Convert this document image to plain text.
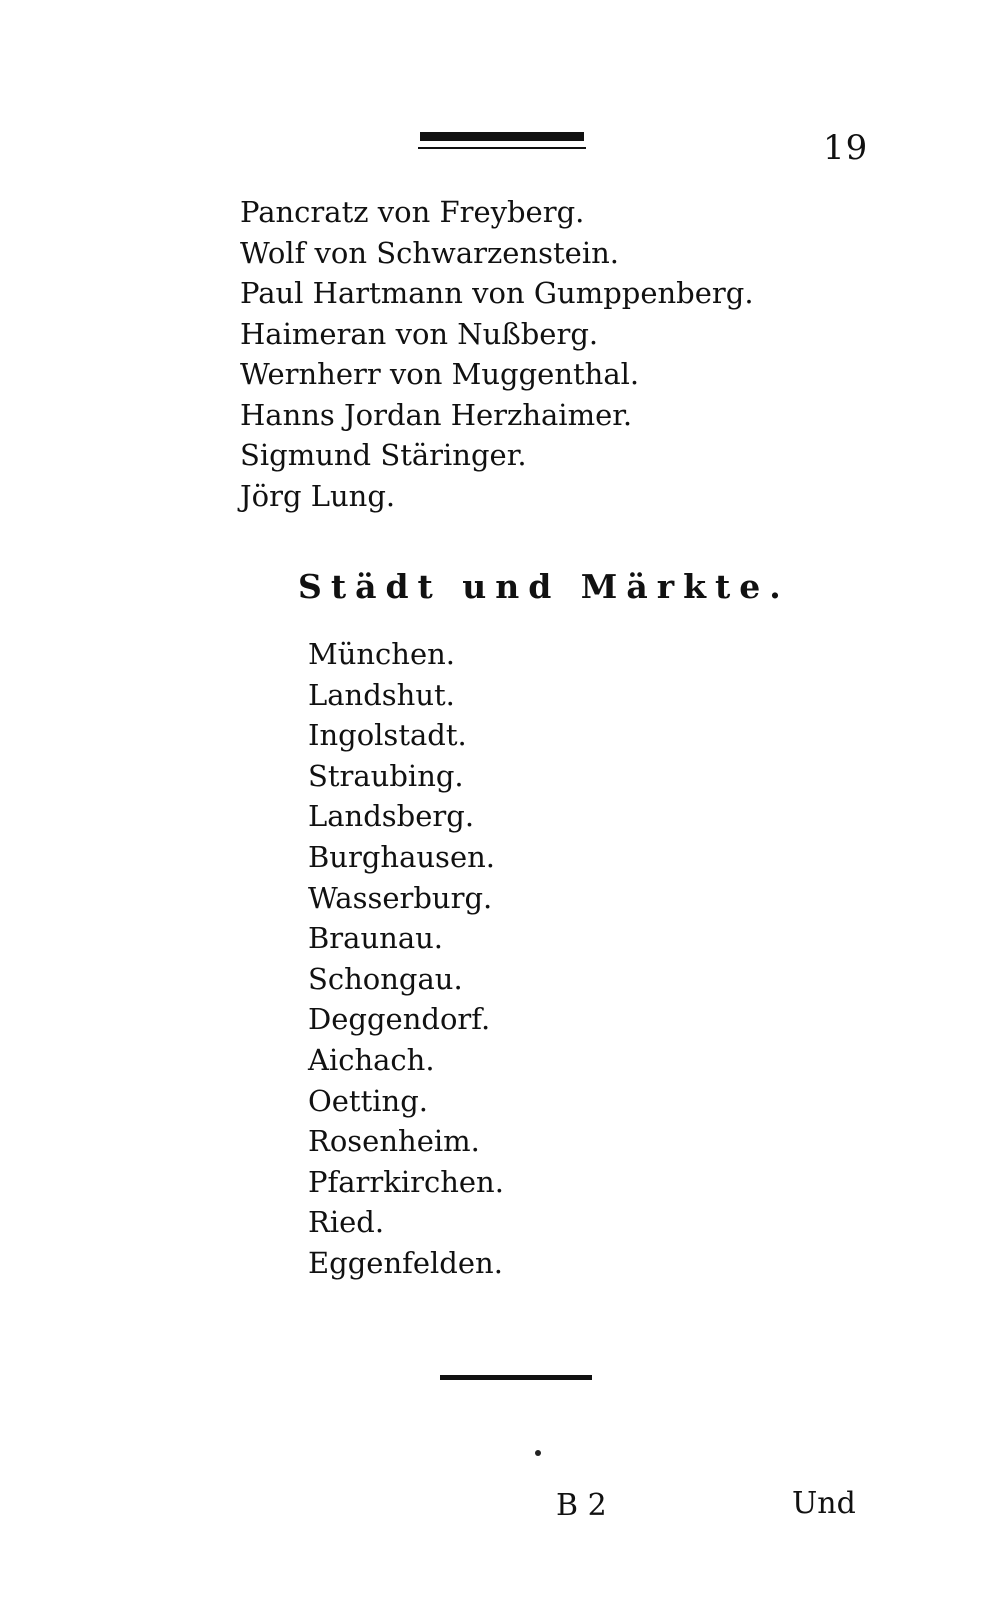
19
Pancratz von Freyberg.
Wolf von Schwarzenstein.
Paul Hartmann von Gumppenberg.
Haimeran von Nußberg.
Wernherr von Muggenthal.
Hanns Jordan Herzhaimer.
Sigmund Stäringer.
Jörg Lung.
Städt und Märkte.
München.
Landshut.
Ingolstadt.
Straubing.
Landsberg.
Burghausen.
Wasserburg.
Braunau.
Schongau.
Deggendorf.
Aichach.
Oetting.
Rosenheim.
Pfarrkirchen.
Ried.
Eggenfelden.
B 2	Und
